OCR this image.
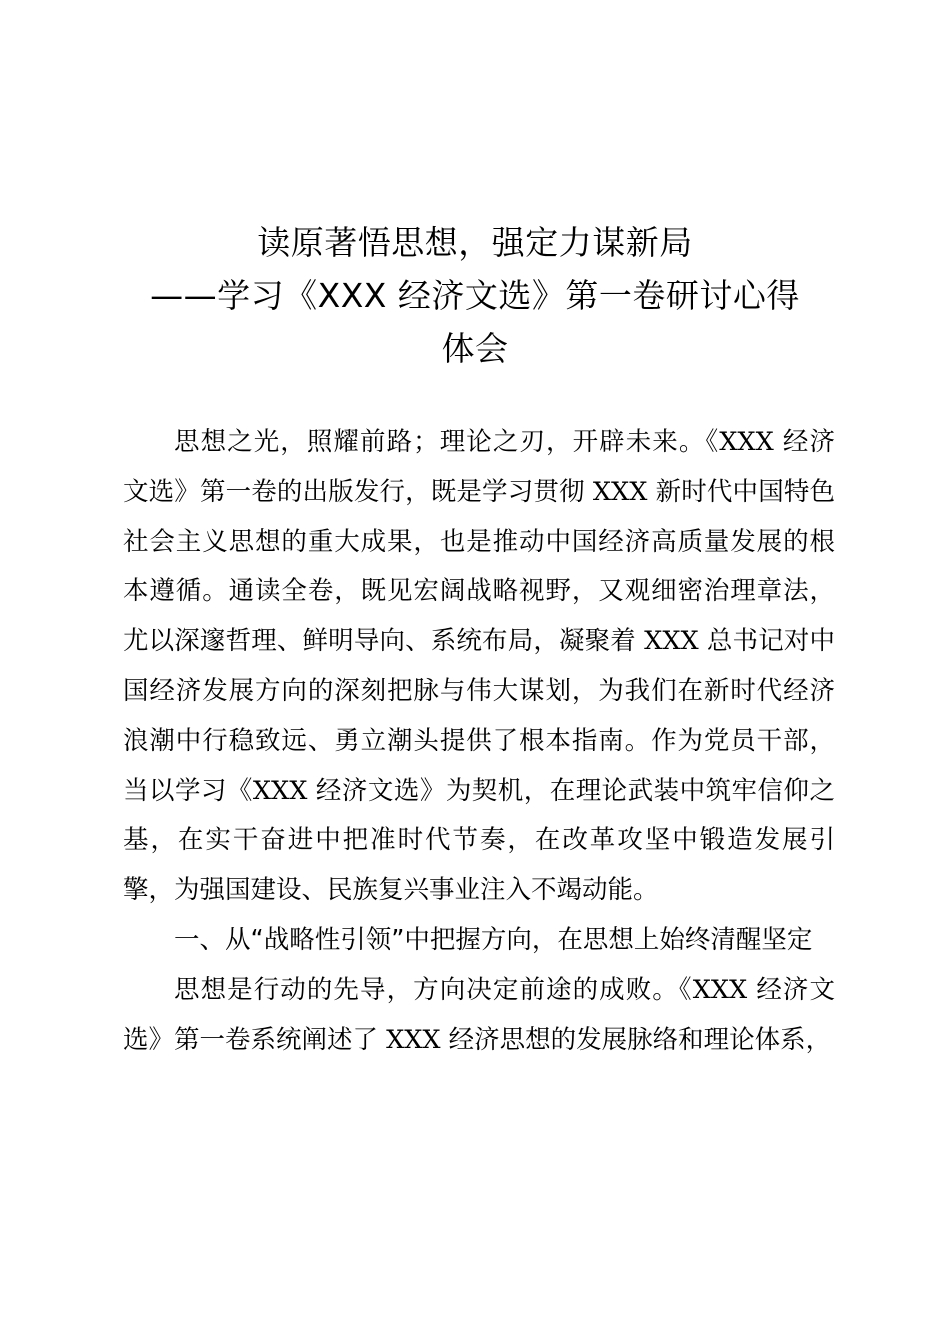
读原著悟思想，强定力谋新局
——学习《XXX 经济文选》第一卷研讨心得
体会

思想之光，照耀前路；理论之刃，开辟未来。《XXX 经济文选》第一卷的出版发行，既是学习贯彻 XXX 新时代中国特色社会主义思想的重大成果，也是推动中国经济高质量发展的根本遵循。通读全卷，既见宏阔战略视野，又观细密治理章法，尤以深邃哲理、鲜明导向、系统布局，凝聚着 XXX 总书记对中国经济发展方向的深刻把脉与伟大谋划，为我们在新时代经济浪潮中行稳致远、勇立潮头提供了根本指南。作为党员干部，当以学习《XXX 经济文选》为契机，在理论武装中筑牢信仰之基，在实干奋进中把准时代节奏，在改革攻坚中锻造发展引擎，为强国建设、民族复兴事业注入不竭动能。

一、从“战略性引领”中把握方向，在思想上始终清醒坚定

思想是行动的先导，方向决定前途的成败。《XXX 经济文选》第一卷系统阐述了 XXX 经济思想的发展脉络和理论体系，
